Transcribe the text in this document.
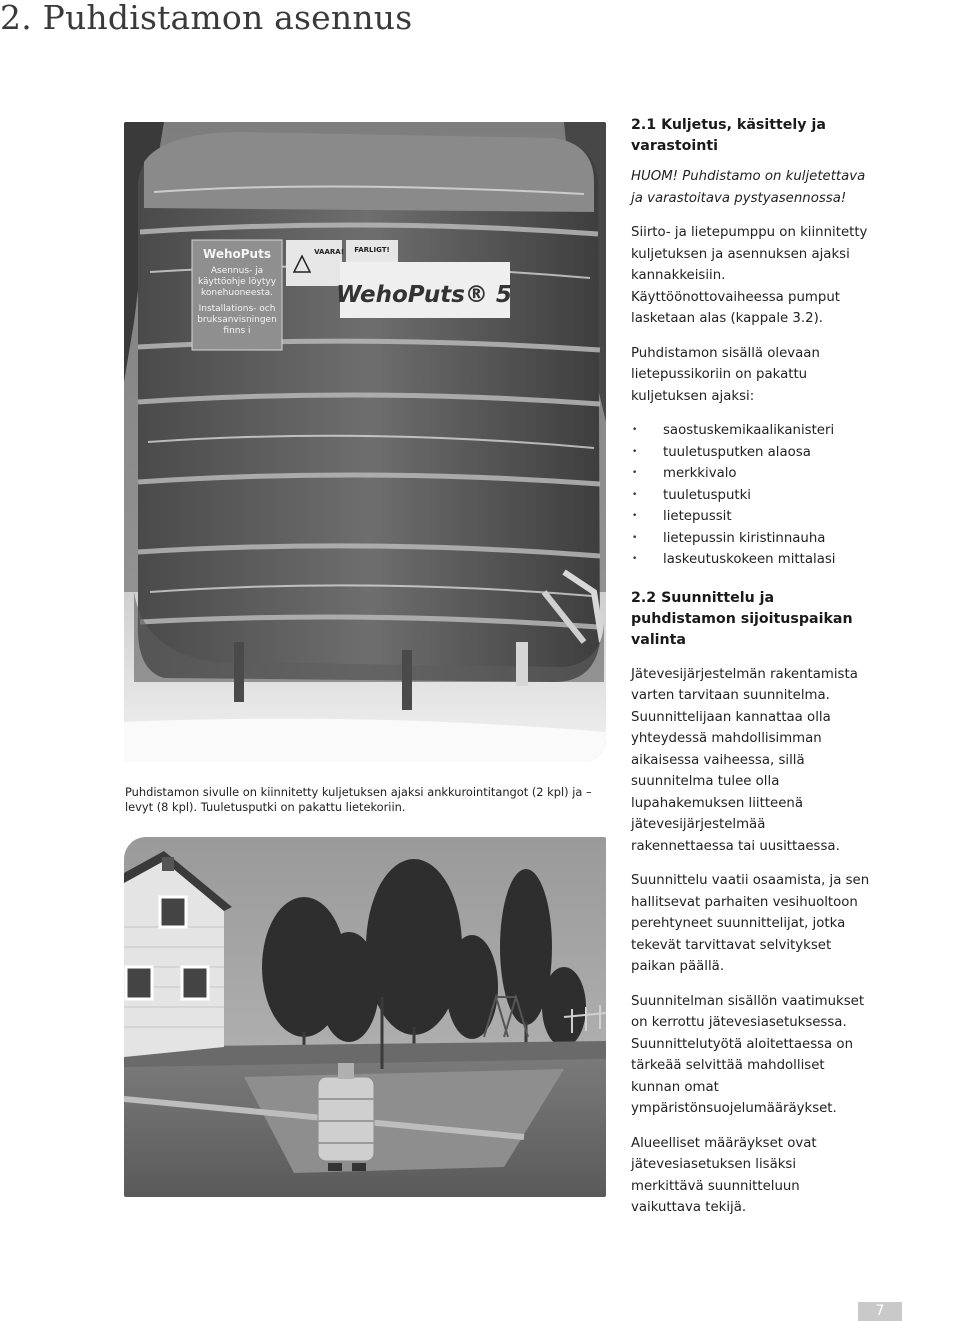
2. Puhdistamon asennus
WehoPuts
Asennus- ja
käyttöohje löytyy
konehuoneesta.
Installations- och
bruksanvisningen
finns i
VAARA! FARLIGT!
WehoPuts® 5
Puhdistamon sivulle on kiinnitetty kuljetuksen ajaksi ankkurointitangot (2 kpl) ja –levyt (8 kpl). Tuuletusputki on pakattu lietekoriin.
2.1 Kuljetus, käsittely ja varastointi

HUOM! Puhdistamo on kuljetettava ja varastoitava pystyasennossa!

Siirto- ja lietepumppu on kiinnitetty kuljetuksen ja asennuksen ajaksi kannakkeisiin. Käyttöönottovaiheessa pumput lasketaan alas (kappale 3.2).

Puhdistamon sisällä olevaan lietepussikoriin on pakattu kuljetuksen ajaksi:

• saostuskemikaalikanisteri
• tuuletusputken alaosa
• merkkivalo
• tuuletusputki
• lietepussit
• lietepussin kiristinnauha
• laskeutuskokeen mittalasi
2.2 Suunnittelu ja puhdistamon sijoituspaikan valinta

Jätevesijärjestelmän rakentamista varten tarvitaan suunnitelma. Suunnittelijaan kannattaa olla yhteydessä mahdollisimman aikaisessa vaiheessa, sillä suunnitelma tulee olla lupahakemuksen liitteenä jätevesijärjestelmää rakennettaessa tai uusittaessa.

Suunnittelu vaatii osaamista, ja sen hallitsevat parhaiten vesihuoltoon perehtyneet suunnittelijat, jotka tekevät tarvittavat selvitykset paikan päällä.

Suunnitelman sisällön vaatimukset on kerrottu jätevesiasetuksessa. Suunnittelutyötä aloitettaessa on tärkeää selvittää mahdolliset kunnan omat ympäristönsuojelumääräykset.

Alueelliset määräykset ovat jätevesiasetuksen lisäksi merkittävä suunnitteluun vaikuttava tekijä.

7
